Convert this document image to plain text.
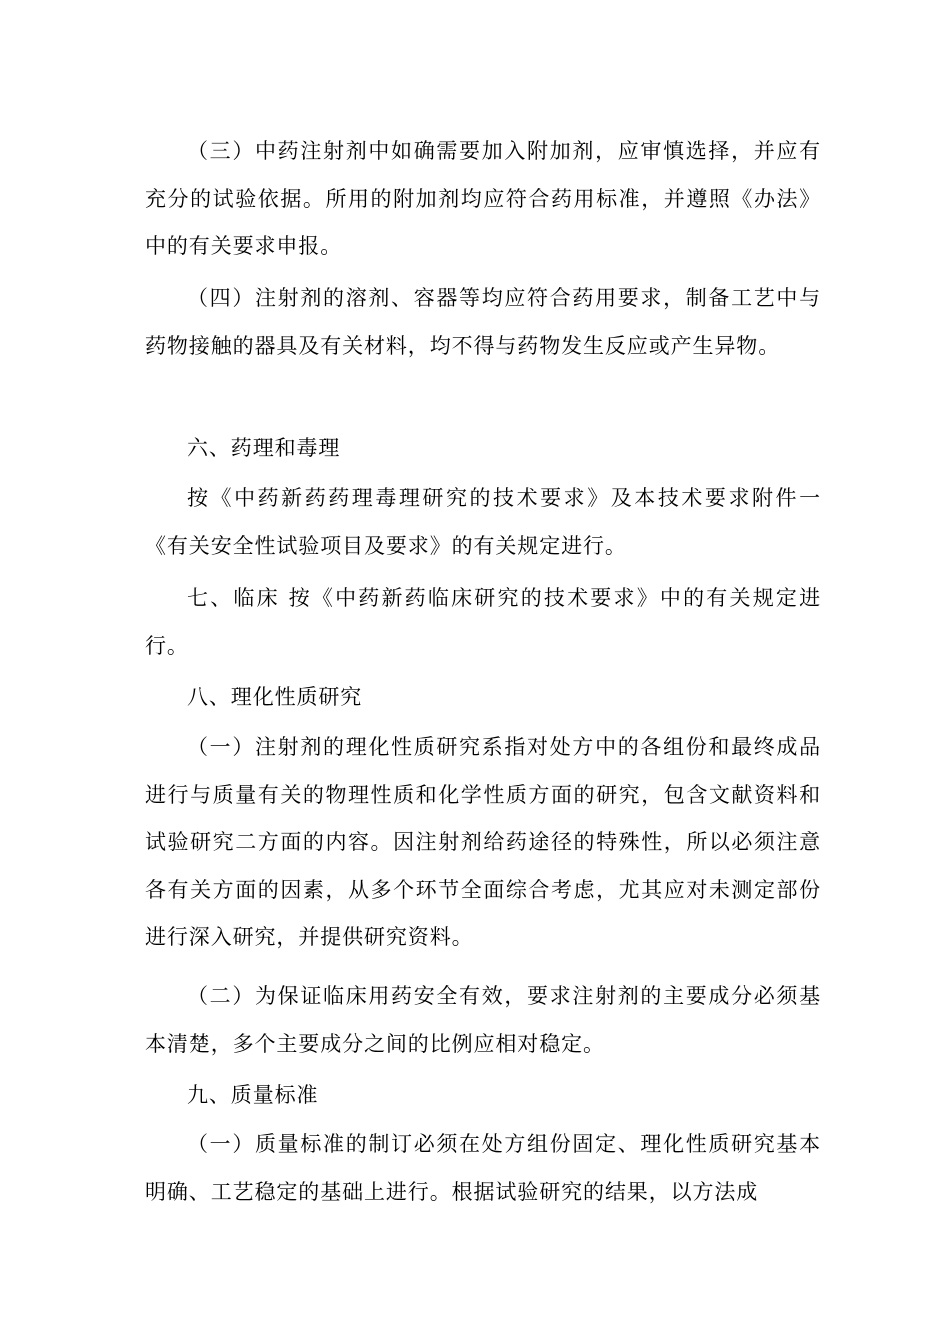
（三）中药注射剂中如确需要加入附加剂，应审慎选择，并应有充分的试验依据。所用的附加剂均应符合药用标准，并遵照《办法》中的有关要求申报。

（四）注射剂的溶剂、容器等均应符合药用要求，制备工艺中与药物接触的器具及有关材料，均不得与药物发生反应或产生异物。

六、药理和毒理

按《中药新药药理毒理研究的技术要求》及本技术要求附件一《有关安全性试验项目及要求》的有关规定进行。

七、临床 按《中药新药临床研究的技术要求》中的有关规定进行。

八、理化性质研究

（一）注射剂的理化性质研究系指对处方中的各组份和最终成品进行与质量有关的物理性质和化学性质方面的研究，包含文献资料和试验研究二方面的内容。因注射剂给药途径的特殊性，所以必须注意各有关方面的因素，从多个环节全面综合考虑，尤其应对未测定部份进行深入研究，并提供研究资料。

（二）为保证临床用药安全有效，要求注射剂的主要成分必须基本清楚，多个主要成分之间的比例应相对稳定。

九、质量标准

（一）质量标准的制订必须在处方组份固定、理化性质研究基本明确、工艺稳定的基础上进行。根据试验研究的结果，以方法成
